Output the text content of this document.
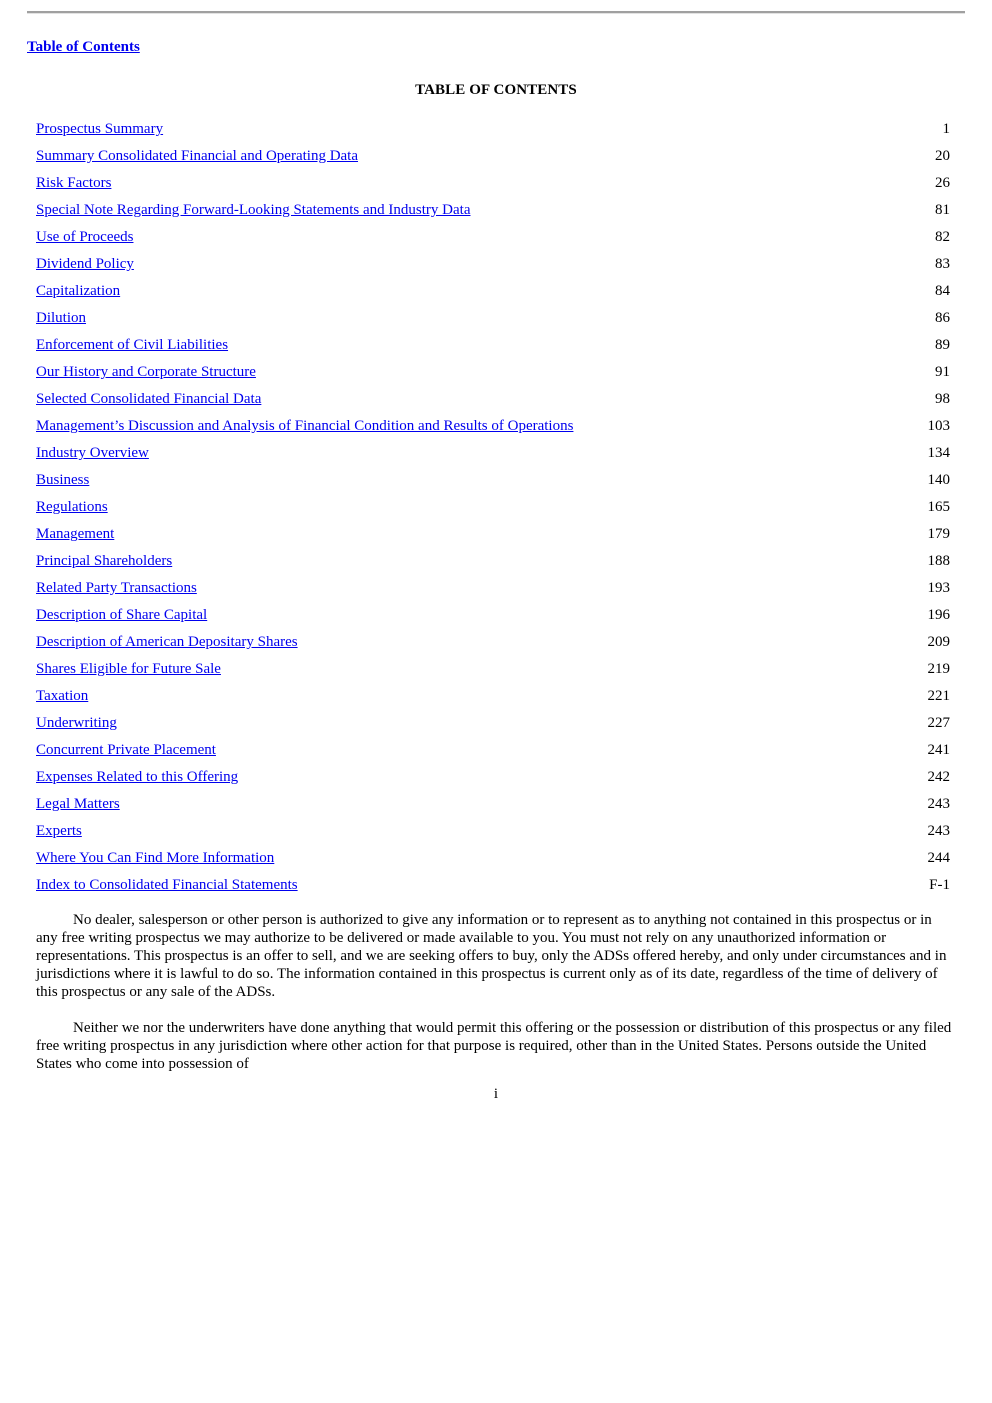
Table of Contents
TABLE OF CONTENTS
Prospectus Summary	1
Summary Consolidated Financial and Operating Data	20
Risk Factors	26
Special Note Regarding Forward-Looking Statements and Industry Data	81
Use of Proceeds	82
Dividend Policy	83
Capitalization	84
Dilution	86
Enforcement of Civil Liabilities	89
Our History and Corporate Structure	91
Selected Consolidated Financial Data	98
Management’s Discussion and Analysis of Financial Condition and Results of Operations	103
Industry Overview	134
Business	140
Regulations	165
Management	179
Principal Shareholders	188
Related Party Transactions	193
Description of Share Capital	196
Description of American Depositary Shares	209
Shares Eligible for Future Sale	219
Taxation	221
Underwriting	227
Concurrent Private Placement	241
Expenses Related to this Offering	242
Legal Matters	243
Experts	243
Where You Can Find More Information	244
Index to Consolidated Financial Statements	F-1

No dealer, salesperson or other person is authorized to give any information or to represent as to anything not contained in this prospectus or in any free writing prospectus we may authorize to be delivered or made available to you. You must not rely on any unauthorized information or representations. This prospectus is an offer to sell, and we are seeking offers to buy, only the ADSs offered hereby, and only under circumstances and in jurisdictions where it is lawful to do so. The information contained in this prospectus is current only as of its date, regardless of the time of delivery of this prospectus or any sale of the ADSs.

Neither we nor the underwriters have done anything that would permit this offering or the possession or distribution of this prospectus or any filed free writing prospectus in any jurisdiction where other action for that purpose is required, other than in the United States. Persons outside the United States who come into possession of

i
